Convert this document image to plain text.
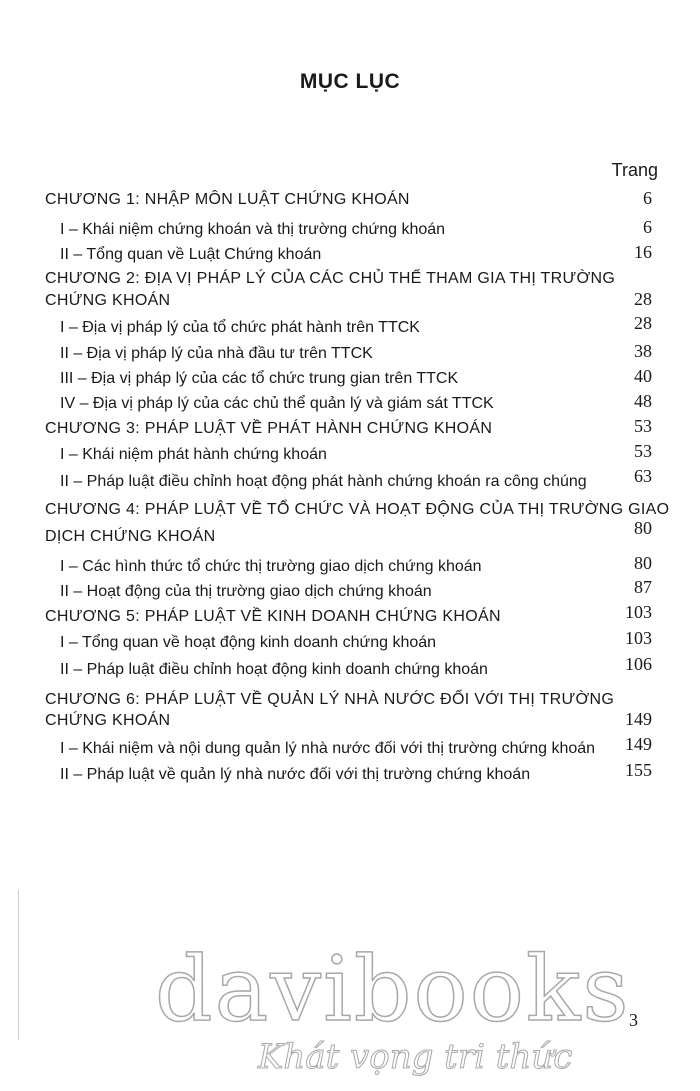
MỤC LỤC
Trang
CHƯƠNG 1: NHẬP MÔN LUẬT CHỨNG KHOÁN	6
I – Khái niệm chứng khoán và thị trường chứng khoán	6
II – Tổng quan về Luật Chứng khoán	16
CHƯƠNG 2: ĐỊA VỊ PHÁP LÝ CỦA CÁC CHỦ THỂ THAM GIA THỊ TRƯỜNG
CHỨNG KHOÁN	28
I – Địa vị pháp lý của tổ chức phát hành trên TTCK	28
II – Địa vị pháp lý của nhà đầu tư trên TTCK	38
III – Địa vị pháp lý của các tổ chức trung gian trên TTCK	40
IV – Địa vị pháp lý của các chủ thể quản lý và giám sát TTCK	48
CHƯƠNG 3: PHÁP LUẬT VỀ PHÁT HÀNH CHỨNG KHOÁN	53
I – Khái niệm phát hành chứng khoán	53
II – Pháp luật điều chỉnh hoạt động phát hành chứng khoán ra công chúng	63
CHƯƠNG 4: PHÁP LUẬT VỀ TỔ CHỨC VÀ HOẠT ĐỘNG CỦA THỊ TRƯỜNG GIAO
DỊCH CHỨNG KHOÁN	80
I – Các hình thức tổ chức thị trường giao dịch chứng khoán	80
II – Hoạt động của thị trường giao dịch chứng khoán	87
CHƯƠNG 5: PHÁP LUẬT VỀ KINH DOANH CHỨNG KHOÁN	103
I – Tổng quan về hoạt động kinh doanh chứng khoán	103
II – Pháp luật điều chỉnh hoạt động kinh doanh chứng khoán	106
CHƯƠNG 6: PHÁP LUẬT VỀ QUẢN LÝ NHÀ NƯỚC ĐỐI VỚI THỊ TRƯỜNG
CHỨNG KHOÁN	149
I – Khái niệm và nội dung quản lý nhà nước đối với thị trường chứng khoán	149
II – Pháp luật về quản lý nhà nước đối với thị trường chứng khoán	155
davibooks
Khát vọng tri thức
3
